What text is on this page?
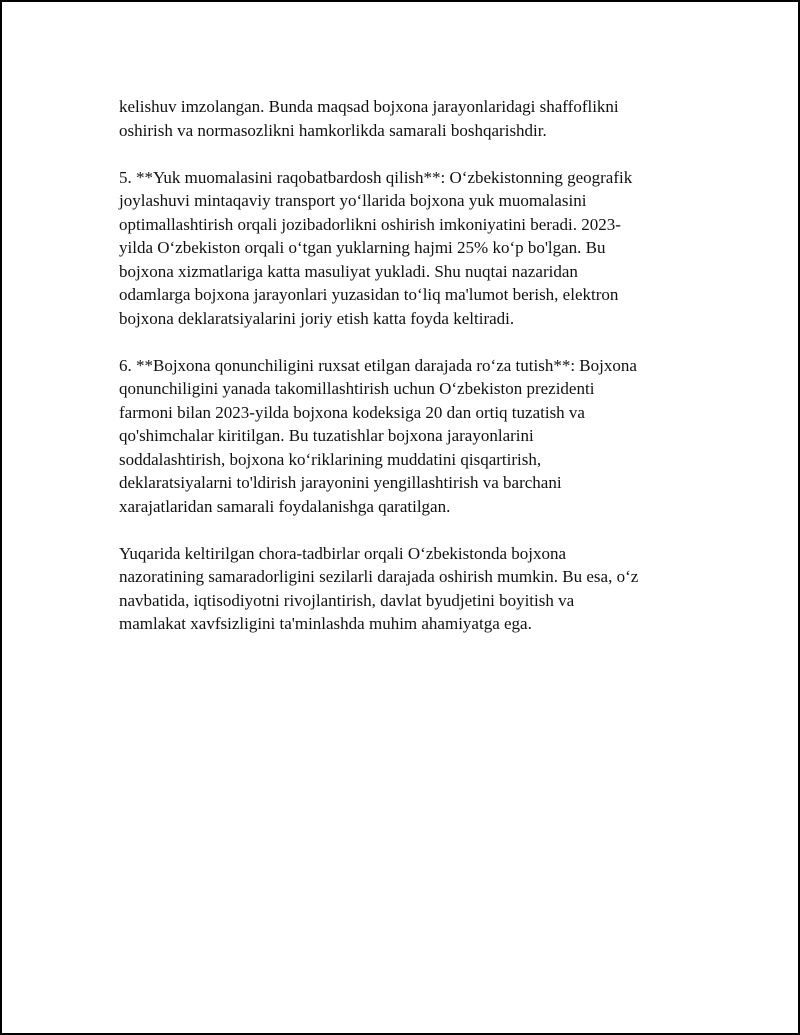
kelishuv imzolangan. Bunda maqsad bojxona jarayonlaridagi shaffoflikni
oshirish va normasozlikni hamkorlikda samarali boshqarishdir.

5. **Yuk muomalasini raqobatbardosh qilish**: O‘zbekistonning geografik
joylashuvi mintaqaviy transport yo‘llarida bojxona yuk muomalasini
optimallashtirish orqali jozibadorlikni oshirish imkoniyatini beradi. 2023-
yilda O‘zbekiston orqali o‘tgan yuklarning hajmi 25% ko‘p bo'lgan. Bu
bojxona xizmatlariga katta masuliyat yukladi. Shu nuqtai nazaridan
odamlarga bojxona jarayonlari yuzasidan to‘liq ma'lumot berish, elektron
bojxona deklaratsiyalarini joriy etish katta foyda keltiradi.

6. **Bojxona qonunchiligini ruxsat etilgan darajada ro‘za tutish**: Bojxona
qonunchiligini yanada takomillashtirish uchun O‘zbekiston prezidenti
farmoni bilan 2023-yilda bojxona kodeksiga 20 dan ortiq tuzatish va
qo'shimchalar kiritilgan. Bu tuzatishlar bojxona jarayonlarini
soddalashtirish, bojxona ko‘riklarining muddatini qisqartirish,
deklaratsiyalarni to'ldirish jarayonini yengillashtirish va barchani
xarajatlaridan samarali foydalanishga qaratilgan.

Yuqarida keltirilgan chora-tadbirlar orqali O‘zbekistonda bojxona
nazoratining samaradorligini sezilarli darajada oshirish mumkin. Bu esa, o‘z
navbatida, iqtisodiyotni rivojlantirish, davlat byudjetini boyitish va
mamlakat xavfsizligini ta'minlashda muhim ahamiyatga ega.
